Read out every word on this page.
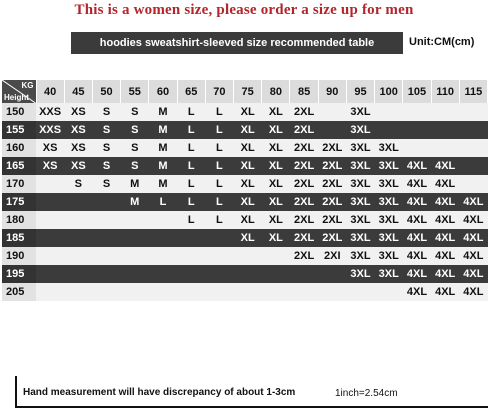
This is a women size, please order a size up for men
hoodies sweatshirt-sleeved size recommended table	Unit:CM(cm)
KG
Height	40	45	50	55	60	65	70	75	80	85	90	95	100	105	110	115
150	XXS	XS	S	S	M	L	L	XL	XL	2XL		3XL				
155	XXS	XS	S	S	M	L	L	XL	XL	2XL		3XL				
160	XS	XS	S	S	M	L	L	XL	XL	2XL	2XL	3XL	3XL			
165	XS	XS	S	S	M	L	L	XL	XL	2XL	2XL	3XL	3XL	4XL	4XL	
170		S	S	M	M	L	L	XL	XL	2XL	2XL	3XL	3XL	4XL	4XL	
175				M	L	L	L	XL	XL	2XL	2XL	3XL	3XL	4XL	4XL	4XL
180						L	L	XL	XL	2XL	2XL	3XL	3XL	4XL	4XL	4XL
185								XL	XL	2XL	2XL	3XL	3XL	4XL	4XL	4XL
190										2XL	2XI	3XL	3XL	4XL	4XL	4XL
195												3XL	3XL	4XL	4XL	4XL
205														4XL	4XL	4XL
Hand measurement will have discrepancy of about 1-3cm	1inch=2.54cm
